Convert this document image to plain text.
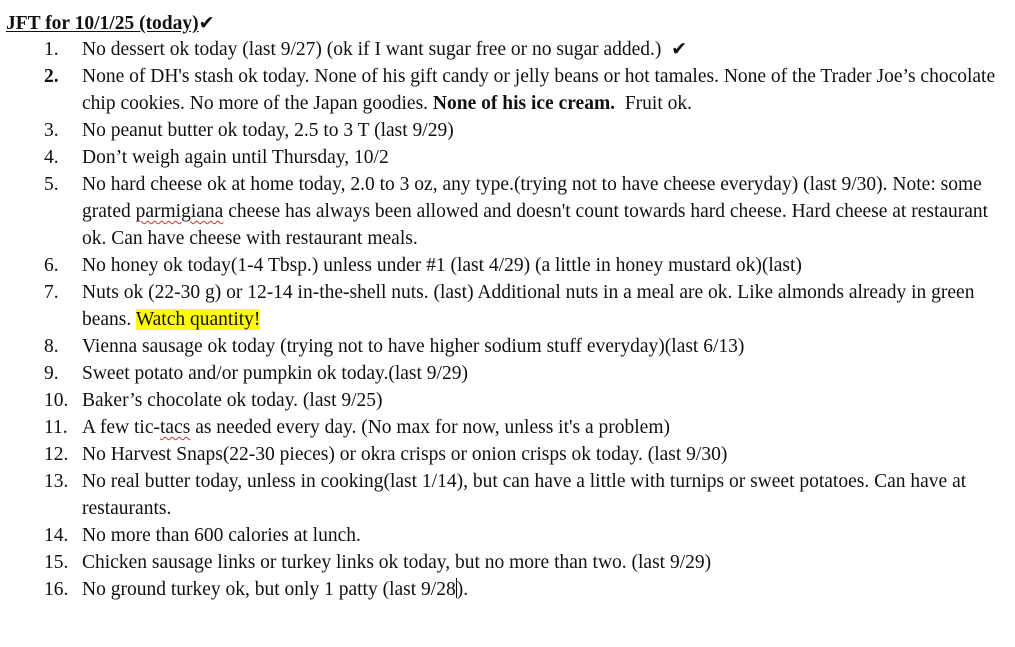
JFT for 10/1/25 (today)✔
1.	No dessert ok today (last 9/27) (ok if I want sugar free or no sugar added.) ✔
2.	None of DH's stash ok today. None of his gift candy or jelly beans or hot tamales. None of the Trader Joe’s chocolate chip cookies. No more of the Japan goodies. None of his ice cream. Fruit ok.
3.	No peanut butter ok today, 2.5 to 3 T (last 9/29)
4.	Don’t weigh again until Thursday, 10/2
5.	No hard cheese ok at home today, 2.0 to 3 oz, any type.(trying not to have cheese everyday) (last 9/30). Note: some grated parmigiana cheese has always been allowed and doesn't count towards hard cheese. Hard cheese at restaurant ok. Can have cheese with restaurant meals.
6.	No honey ok today(1-4 Tbsp.) unless under #1 (last 4/29) (a little in honey mustard ok)(last)
7.	Nuts ok (22-30 g) or 12-14 in-the-shell nuts. (last) Additional nuts in a meal are ok. Like almonds already in green beans. Watch quantity!
8.	Vienna sausage ok today (trying not to have higher sodium stuff everyday)(last 6/13)
9.	Sweet potato and/or pumpkin ok today.(last 9/29)
10. Baker’s chocolate ok today. (last 9/25)
11. A few tic-tacs as needed every day. (No max for now, unless it's a problem)
12. No Harvest Snaps(22-30 pieces) or okra crisps or onion crisps ok today. (last 9/30)
13. No real butter today, unless in cooking(last 1/14), but can have a little with turnips or sweet potatoes. Can have at restaurants.
14. No more than 600 calories at lunch.
15. Chicken sausage links or turkey links ok today, but no more than two. (last 9/29)
16. No ground turkey ok, but only 1 patty (last 9/28).
